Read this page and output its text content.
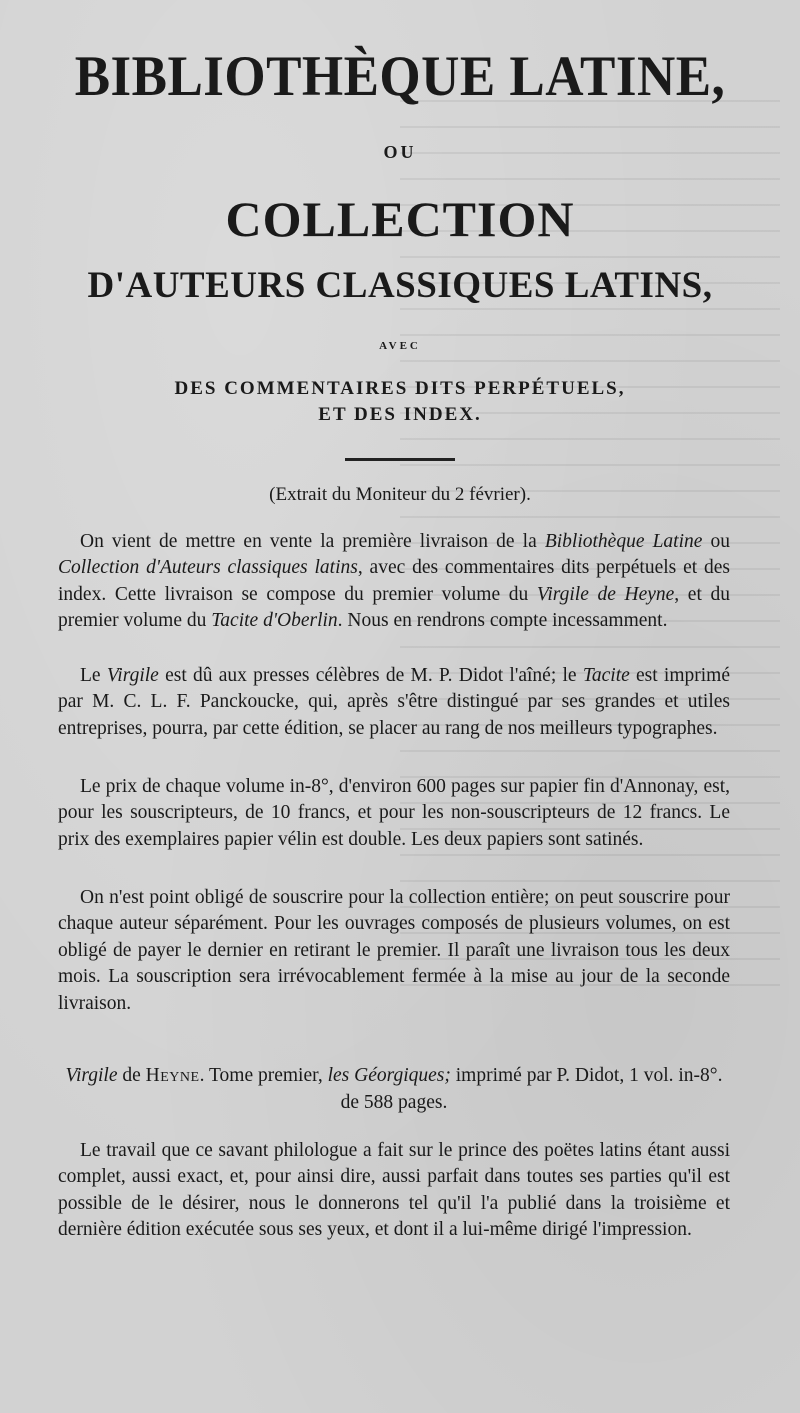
BIBLIOTHÈQUE LATINE,
OU
COLLECTION
D'AUTEURS CLASSIQUES LATINS,
AVEC
DES COMMENTAIRES DITS PERPÉTUELS,
ET DES INDEX.
(Extrait du Moniteur du 2 février).

On vient de mettre en vente la première livraison de la Bibliothèque Latine ou Collection d'Auteurs classiques latins, avec des commentaires dits perpétuels et des index. Cette livraison se compose du premier volume du Virgile de Heyne, et du premier volume du Tacite d'Oberlin. Nous en rendrons compte incessamment.

Le Virgile est dû aux presses célèbres de M. P. Didot l'aîné; le Tacite est imprimé par M. C. L. F. Panckoucke, qui, après s'être distingué par ses grandes et utiles entreprises, pourra, par cette édition, se placer au rang de nos meilleurs typographes.

Le prix de chaque volume in-8°, d'environ 600 pages sur papier fin d'Annonay, est, pour les souscripteurs, de 10 francs, et pour les non-souscripteurs de 12 francs. Le prix des exemplaires papier vélin est double. Les deux papiers sont satinés.

On n'est point obligé de souscrire pour la collection entière; on peut souscrire pour chaque auteur séparément. Pour les ouvrages composés de plusieurs volumes, on est obligé de payer le dernier en retirant le premier. Il paraît une livraison tous les deux mois. La souscription sera irrévocablement fermée à la mise au jour de la seconde livraison.

Virgile de Heyne. Tome premier, les Géorgiques; imprimé par P. Didot, 1 vol. in-8°. de 588 pages.

Le travail que ce savant philologue a fait sur le prince des poëtes latins étant aussi complet, aussi exact, et, pour ainsi dire, aussi parfait dans toutes ses parties qu'il est possible de le désirer, nous le donnerons tel qu'il l'a publié dans la troisième et dernière édition exécutée sous ses yeux, et dont il a lui-même dirigé l'impression.
